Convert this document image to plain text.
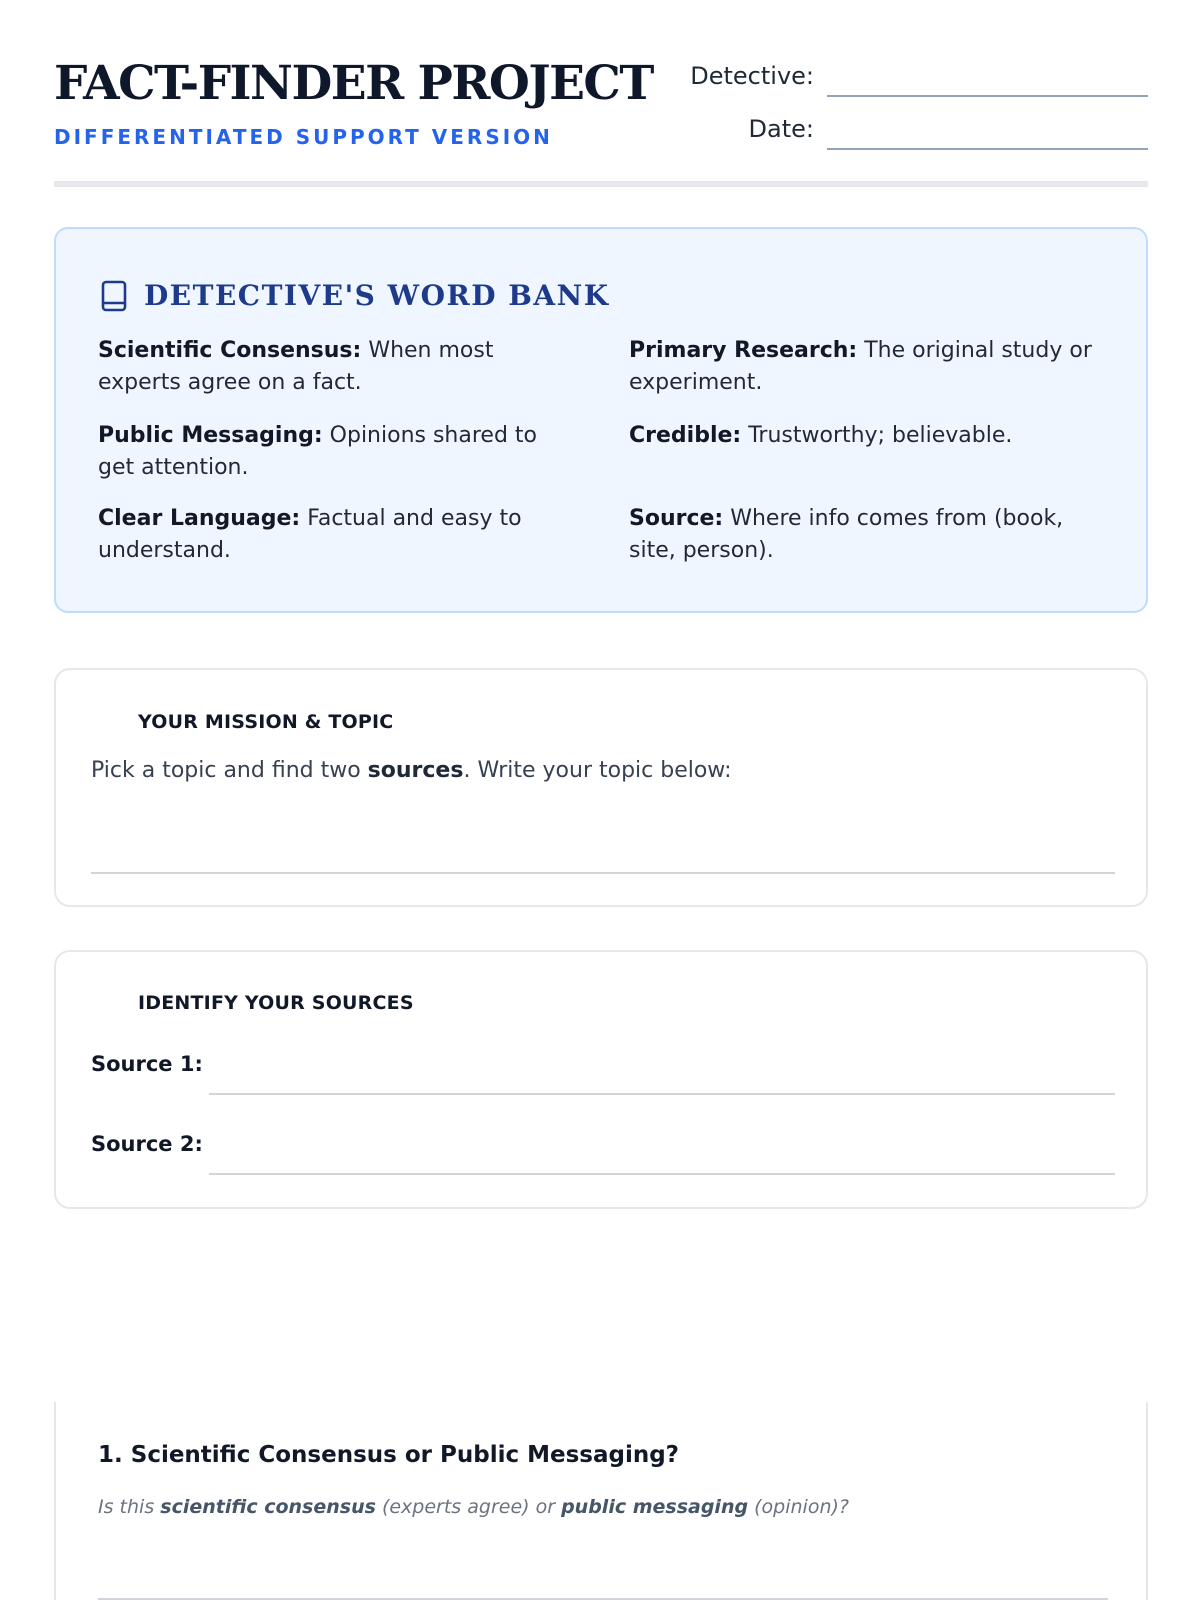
FACT-FINDER PROJECT
DIFFERENTIATED SUPPORT VERSION
Detective:
Date:
DETECTIVE'S WORD BANK
Scientific Consensus: When most experts agree on a fact.
Primary Research: The original study or experiment.
Public Messaging: Opinions shared to get attention.
Credible: Trustworthy; believable.
Clear Language: Factual and easy to understand.
Source: Where info comes from (book, site, person).
YOUR MISSION & TOPIC
Pick a topic and find two sources. Write your topic below:
IDENTIFY YOUR SOURCES
Source 1:
Source 2:
1. Scientific Consensus or Public Messaging?
Is this scientific consensus (experts agree) or public messaging (opinion)?
